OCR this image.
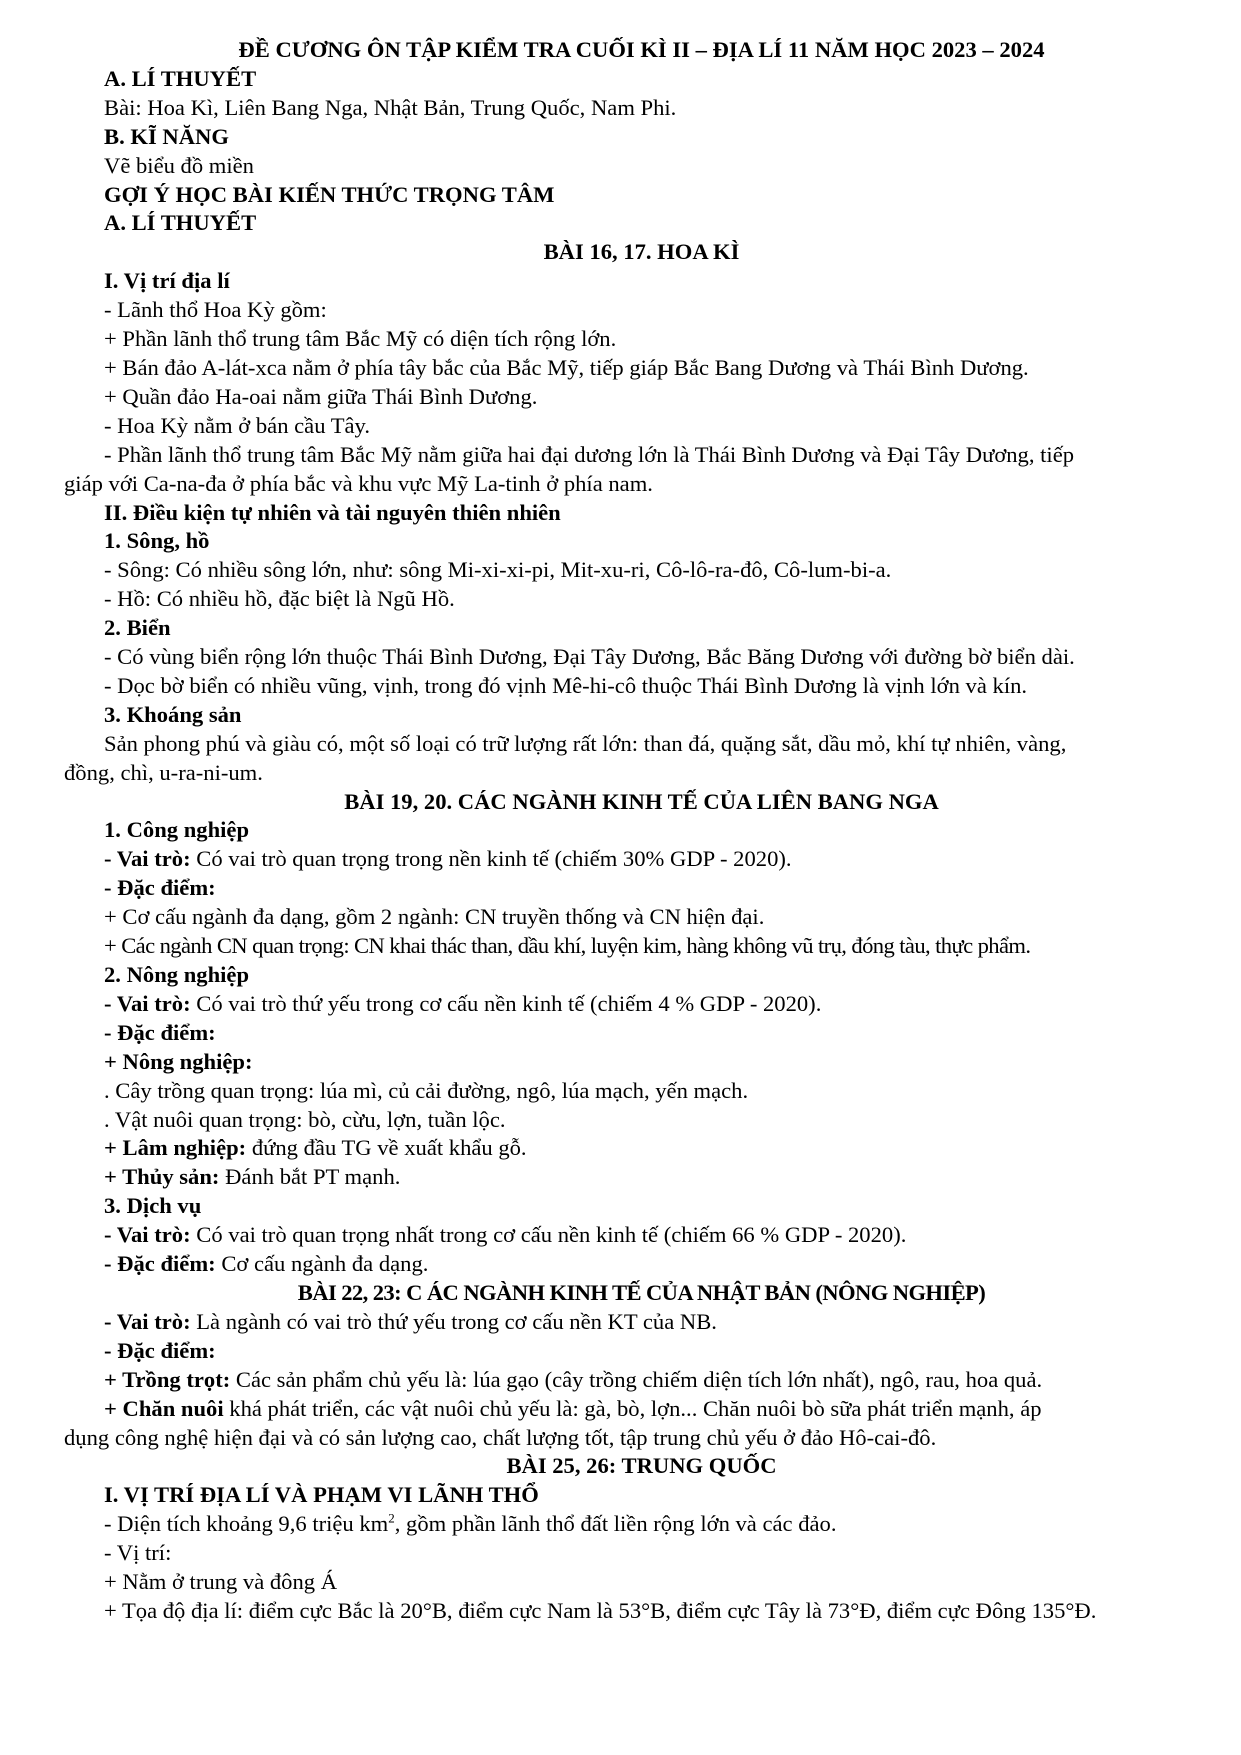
ĐỀ CƯƠNG ÔN TẬP KIỂM TRA CUỐI KÌ II – ĐỊA LÍ 11 NĂM HỌC 2023 – 2024
A. LÍ THUYẾT
Bài: Hoa Kì, Liên Bang Nga, Nhật Bản, Trung Quốc, Nam Phi.
B. KĨ NĂNG
Vẽ biểu đồ miền
GỢI Ý HỌC BÀI KIẾN THỨC TRỌNG TÂM
A. LÍ THUYẾT
BÀI 16, 17. HOA KÌ
I. Vị trí địa lí
- Lãnh thổ Hoa Kỳ gồm:
+ Phần lãnh thổ trung tâm Bắc Mỹ có diện tích rộng lớn.
+ Bán đảo A-lát-xca nằm ở phía tây bắc của Bắc Mỹ, tiếp giáp Bắc Bang Dương và Thái Bình Dương.
+ Quần đảo Ha-oai nằm giữa Thái Bình Dương.
- Hoa Kỳ nằm ở bán cầu Tây.
- Phần lãnh thổ trung tâm Bắc Mỹ nằm giữa hai đại dương lớn là Thái Bình Dương và Đại Tây Dương, tiếp
giáp với Ca-na-đa ở phía bắc và khu vực Mỹ La-tinh ở phía nam.
II. Điều kiện tự nhiên và tài nguyên thiên nhiên
1. Sông, hồ
- Sông: Có nhiều sông lớn, như: sông Mi-xi-xi-pi, Mit-xu-ri, Cô-lô-ra-đô, Cô-lum-bi-a.
- Hồ: Có nhiều hồ, đặc biệt là Ngũ Hồ.
2. Biển
- Có vùng biển rộng lớn thuộc Thái Bình Dương, Đại Tây Dương, Bắc Băng Dương với đường bờ biển dài.
- Dọc bờ biển có nhiều vũng, vịnh, trong đó vịnh Mê-hi-cô thuộc Thái Bình Dương là vịnh lớn và kín.
3. Khoáng sản
Sản phong phú và giàu có, một số loại có trữ lượng rất lớn: than đá, quặng sắt, dầu mỏ, khí tự nhiên, vàng,
đồng, chì, u-ra-ni-um.
BÀI 19, 20. CÁC NGÀNH KINH TẾ CỦA LIÊN BANG NGA
1. Công nghiệp
- Vai trò: Có vai trò quan trọng trong nền kinh tế (chiếm 30% GDP - 2020).
- Đặc điểm:
+ Cơ cấu ngành đa dạng, gồm 2 ngành: CN truyền thống và CN hiện đại.
+ Các ngành CN quan trọng: CN khai thác than, dầu khí, luyện kim, hàng không vũ trụ, đóng tàu, thực phẩm.
2. Nông nghiệp
- Vai trò: Có vai trò thứ yếu trong cơ cấu nền kinh tế (chiếm 4 % GDP - 2020).
- Đặc điểm:
+ Nông nghiệp:
. Cây trồng quan trọng: lúa mì, củ cải đường, ngô, lúa mạch, yến mạch.
. Vật nuôi quan trọng: bò, cừu, lợn, tuần lộc.
+ Lâm nghiệp: đứng đầu TG về xuất khẩu gỗ.
+ Thủy sản: Đánh bắt PT mạnh.
3. Dịch vụ
- Vai trò: Có vai trò quan trọng nhất trong cơ cấu nền kinh tế (chiếm 66 % GDP - 2020).
- Đặc điểm: Cơ cấu ngành đa dạng.
BÀI 22, 23: C ÁC NGÀNH KINH TẾ CỦA NHẬT BẢN (NÔNG NGHIỆP)
- Vai trò: Là ngành có vai trò thứ yếu trong cơ cấu nền KT của NB.
- Đặc điểm:
+ Trồng trọt: Các sản phẩm chủ yếu là: lúa gạo (cây trồng chiếm diện tích lớn nhất), ngô, rau, hoa quả.
+ Chăn nuôi khá phát triển, các vật nuôi chủ yếu là: gà, bò, lợn... Chăn nuôi bò sữa phát triển mạnh, áp
dụng công nghệ hiện đại và có sản lượng cao, chất lượng tốt, tập trung chủ yếu ở đảo Hô-cai-đô.
BÀI 25, 26: TRUNG QUỐC
I. VỊ TRÍ ĐỊA LÍ VÀ PHẠM VI LÃNH THỔ
- Diện tích khoảng 9,6 triệu $km^2$, gồm phần lãnh thổ đất liền rộng lớn và các đảo.
- Vị trí:
+ Nằm ở trung và đông Á
+ Tọa độ địa lí: điểm cực Bắc là 20°B, điểm cực Nam là 53°B, điểm cực Tây là 73°Đ, điểm cực Đông 135°Đ.
